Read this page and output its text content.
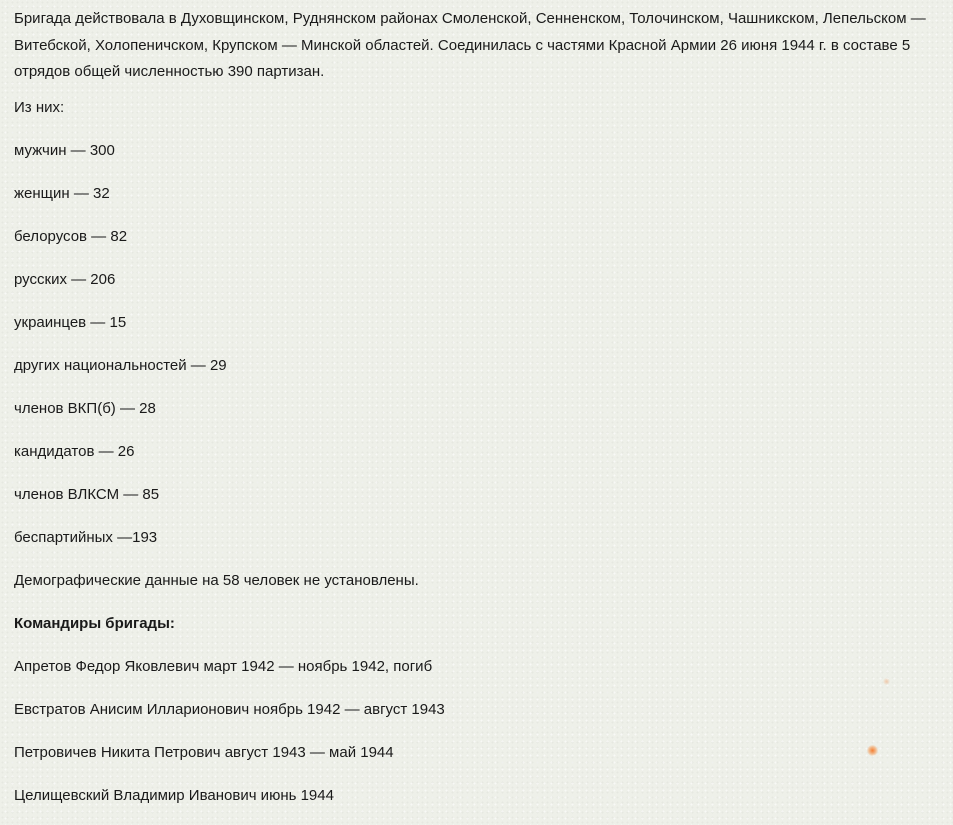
Бригада действовала в Духовщинском, Руднянском районах Смоленской, Сенненском, Толочинском, Чашникском, Лепельском — Витебской, Холопеничском, Крупском — Минской областей. Соединилась с частями Красной Армии 26 июня 1944 г. в составе 5 отрядов общей численностью 390 партизан.

Из них:

мужчин — 300

женщин — 32

белорусов — 82

русских — 206

украинцев — 15

других национальностей — 29

членов ВКП(б) — 28

кандидатов — 26

членов ВЛКСМ — 85

беспартийных —193

Демографические данные на 58 человек не установлены.

Командиры бригады:

Апретов Федор Яковлевич март 1942 — ноябрь 1942, погиб

Евстратов Анисим Илларионович ноябрь 1942 — август 1943

Петровичев Никита Петрович август 1943 — май 1944

Целищевский Владимир Иванович июнь 1944
